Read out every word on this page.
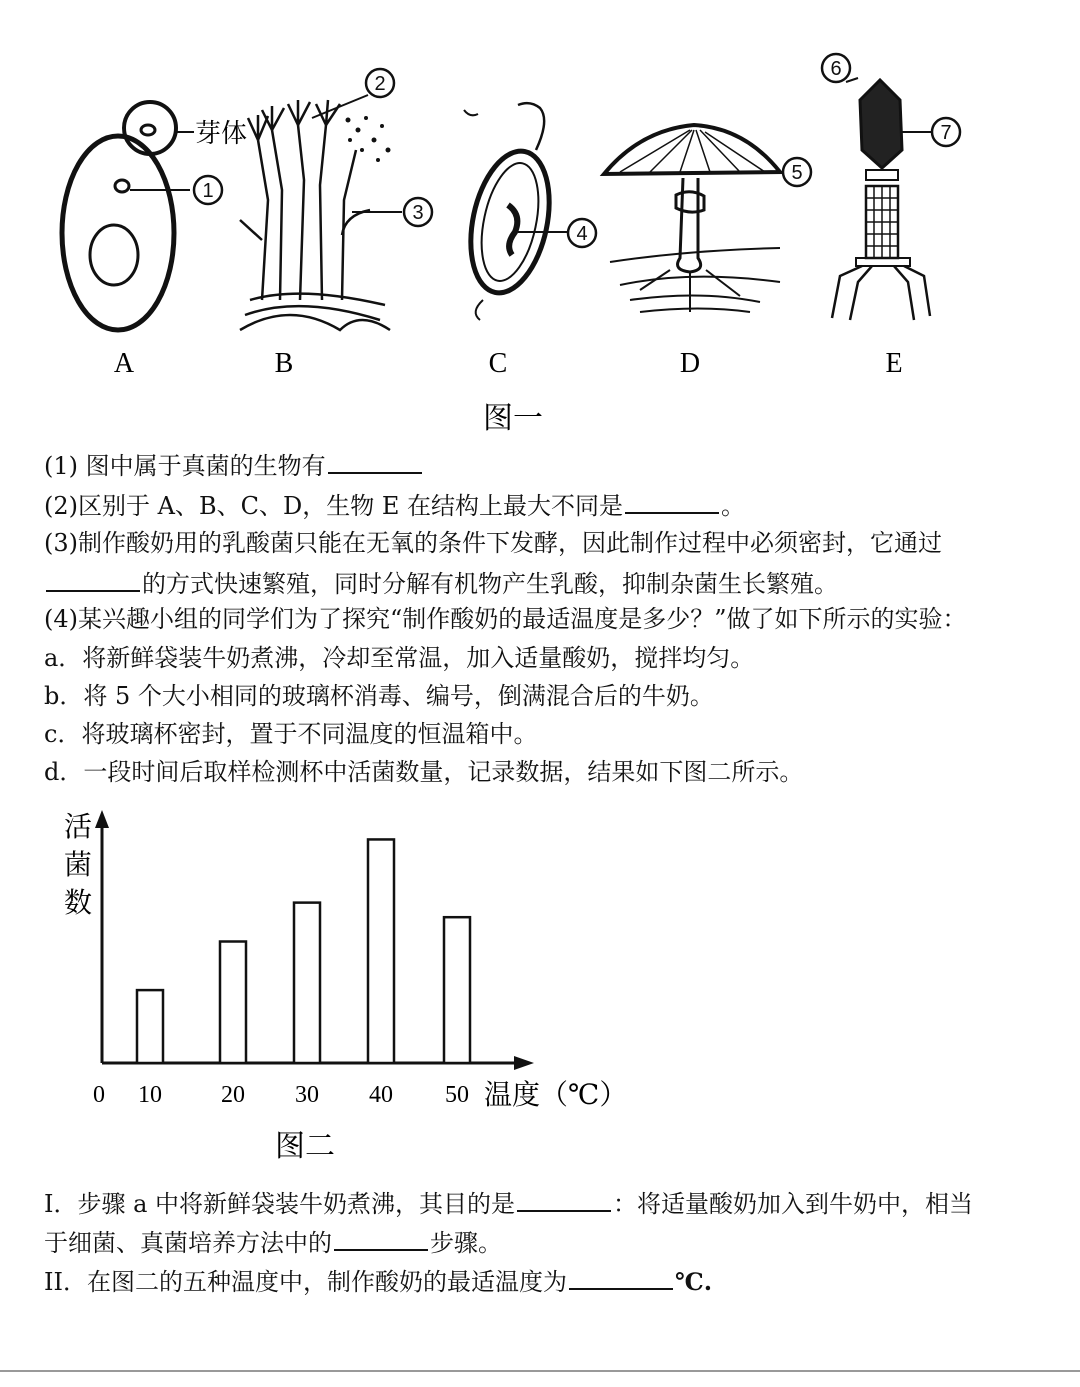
1
2
3
4
5
6
7
芽体
A	B	C	D	E
图一
(1) 图中属于真菌的生物有
(2)区别于 A、B、C、D，生物 E 在结构上最大不同是	。
(3)制作酸奶用的乳酸菌只能在无氧的条件下发酵，因此制作过程中必须密封，它通过
的方式快速繁殖，同时分解有机物产生乳酸，抑制杂菌生长繁殖。
(4)某兴趣小组的同学们为了探究“制作酸奶的最适温度是多少？”做了如下所示的实验：
a．将新鲜袋装牛奶煮沸，冷却至常温，加入适量酸奶，搅拌均匀。
b．将 5 个大小相同的玻璃杯消毒、编号，倒满混合后的牛奶。
c．将玻璃杯密封，置于不同温度的恒温箱中。
d．一段时间后取样检测杯中活菌数量，记录数据，结果如下图二所示。
活
菌
数
0 10 20 30 40 50 温度（℃）
图二
I．步骤 a 中将新鲜袋装牛奶煮沸，其目的是	：将适量酸奶加入到牛奶中，相当
于细菌、真菌培养方法中的	步骤。
II．在图二的五种温度中，制作酸奶的最适温度为	℃.
